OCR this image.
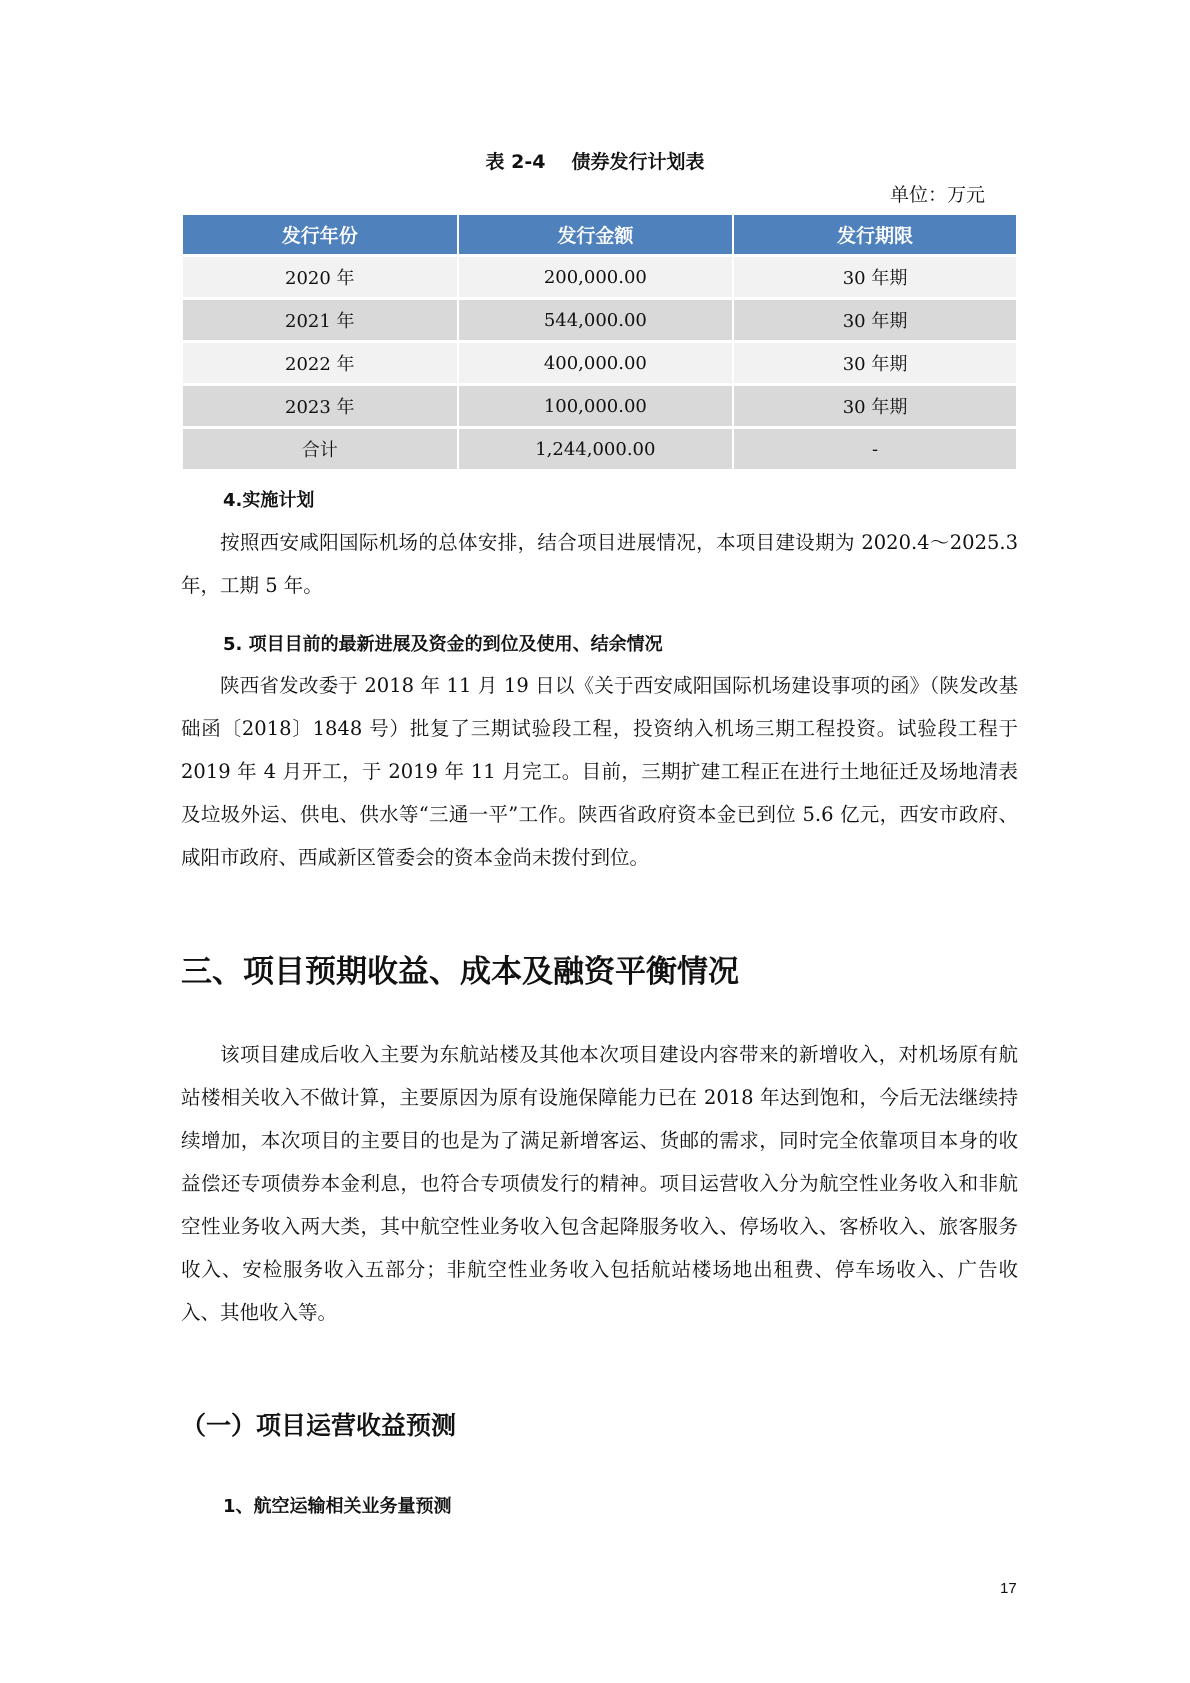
表 2-4 债券发行计划表
单位：万元
发行年份	发行金额	发行期限
2020 年	200,000.00	30 年期
2021 年	544,000.00	30 年期
2022 年	400,000.00	30 年期
2023 年	100,000.00	30 年期
合计	1,244,000.00	-
4.实施计划
按照西安咸阳国际机场的总体安排，结合项目进展情况，本项目建设期为 2020.4～2025.3 年，工期 5 年。
5. 项目目前的最新进展及资金的到位及使用、结余情况
陕西省发改委于 2018 年 11 月 19 日以《关于西安咸阳国际机场建设事项的函》（陕发改基础函〔2018〕1848 号）批复了三期试验段工程，投资纳入机场三期工程投资。试验段工程于 2019 年 4 月开工，于 2019 年 11 月完工。目前，三期扩建工程正在进行土地征迁及场地清表及垃圾外运、供电、供水等“三通一平”工作。陕西省政府资本金已到位 5.6 亿元，西安市政府、咸阳市政府、西咸新区管委会的资本金尚未拨付到位。
三、项目预期收益、成本及融资平衡情况
该项目建成后收入主要为东航站楼及其他本次项目建设内容带来的新增收入，对机场原有航站楼相关收入不做计算，主要原因为原有设施保障能力已在 2018 年达到饱和，今后无法继续持续增加，本次项目的主要目的也是为了满足新增客运、货邮的需求，同时完全依靠项目本身的收益偿还专项债券本金利息，也符合专项债发行的精神。项目运营收入分为航空性业务收入和非航空性业务收入两大类，其中航空性业务收入包含起降服务收入、停场收入、客桥收入、旅客服务收入、安检服务收入五部分；非航空性业务收入包括航站楼场地出租费、停车场收入、广告收入、其他收入等。
（一）项目运营收益预测
1、航空运输相关业务量预测
17
